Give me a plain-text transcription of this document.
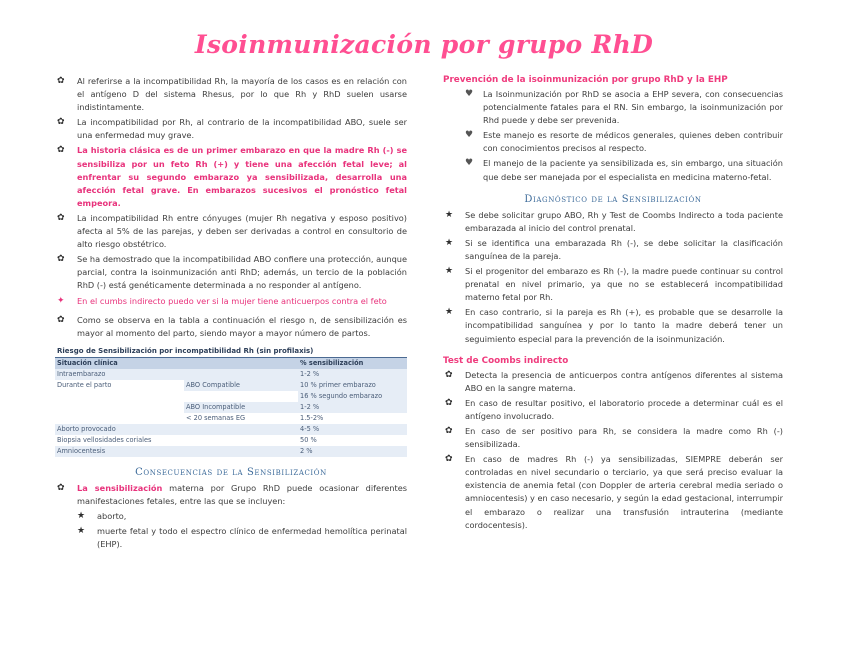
Isoinmunización por grupo RhD
✿ Al referirse a la incompatibilidad Rh, la mayoría de los casos es en relación con el antígeno D del sistema Rhesus, por lo que Rh y RhD suelen usarse indistintamente.
✿ La incompatibilidad por Rh, al contrario de la incompatibilidad ABO, suele ser una enfermedad muy grave.
✿ La historia clásica es de un primer embarazo en que la madre Rh (-) se sensibiliza por un feto Rh (+) y tiene una afección fetal leve; al enfrentar su segundo embarazo ya sensibilizada, desarrolla una afección fetal grave. En embarazos sucesivos el pronóstico fetal empeora.
✿ La incompatibilidad Rh entre cónyuges (mujer Rh negativa y esposo positivo) afecta al 5% de las parejas, y deben ser derivadas a control en consultorio de alto riesgo obstétrico.
✿ Se ha demostrado que la incompatibilidad ABO confiere una protección, aunque parcial, contra la isoinmunización anti RhD; además, un tercio de la población RhD (-) está genéticamente determinada a no responder al antígeno.
✦ En el cumbs indirecto puedo ver si la mujer tiene anticuerpos contra el feto
✿ Como se observa en la tabla a continuación el riesgo n, de sensibilización es mayor al momento del parto, siendo mayor a mayor número de partos.
Riesgo de Sensibilización por incompatibilidad Rh (sin profilaxis)		
Situación clínica		% sensibilización
Intraembarazo		1-2 %
Durante el parto	ABO Compatible	10 % primer embarazo
		16 % segundo embarazo
	ABO Incompatible	1-2 %
	< 20 semanas EG	1.5-2%
Aborto provocado		4-5 %
Biopsia vellosidades coriales		50 %
Amniocentesis		2 %
Consecuencias de la Sensibilización
✿ La sensibilización materna por Grupo RhD puede ocasionar diferentes manifestaciones fetales, entre las que se incluyen:
★ aborto,
★ muerte fetal y todo el espectro clínico de enfermedad hemolítica perinatal (EHP).
Prevención de la isoinmunización por grupo RhD y la EHP
♥ La Isoinmunización por RhD se asocia a EHP severa, con consecuencias potencialmente fatales para el RN. Sin embargo, la isoinmunización por Rhd puede y debe ser prevenida.
♥ Este manejo es resorte de médicos generales, quienes deben contribuir con conocimientos precisos al respecto.
♥ El manejo de la paciente ya sensibilizada es, sin embargo, una situación que debe ser manejada por el especialista en medicina materno-fetal.
Diagnóstico de la Sensibilización
★ Se debe solicitar grupo ABO, Rh y Test de Coombs Indirecto a toda paciente embarazada al inicio del control prenatal.
★ Si se identifica una embarazada Rh (-), se debe solicitar la clasificación sanguínea de la pareja.
★ Si el progenitor del embarazo es Rh (-), la madre puede continuar su control prenatal en nivel primario, ya que no se establecerá incompatibilidad materno fetal por Rh.
★ En caso contrario, si la pareja es Rh (+), es probable que se desarrolle la incompatibilidad sanguínea y por lo tanto la madre deberá tener un seguimiento especial para la prevención de la isoinmunización.
Test de Coombs indirecto
✿ Detecta la presencia de anticuerpos contra antígenos diferentes al sistema ABO en la sangre materna.
✿ En caso de resultar positivo, el laboratorio procede a determinar cuál es el antígeno involucrado.
✿ En caso de ser positivo para Rh, se considera la madre como Rh (-) sensibilizada.
✿ En caso de madres Rh (-) ya sensibilizadas, SIEMPRE deberán ser controladas en nivel secundario o terciario, ya que será preciso evaluar la existencia de anemia fetal (con Doppler de arteria cerebral media seriado o amniocentesis) y en caso necesario, y según la edad gestacional, interrumpir el embarazo o realizar una transfusión intrauterina (mediante cordocentesis).
